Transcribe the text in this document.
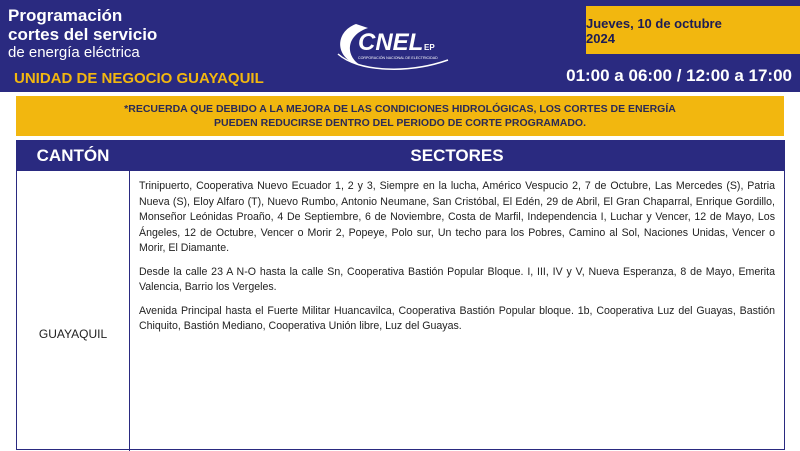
Programación
cortes del servicio
de energía eléctrica
UNIDAD DE NEGOCIO GUAYAQUIL
CNEL EP
CORPORACIÓN NACIONAL DE ELECTRICIDAD
Jueves, 10 de octubre 2024
01:00 a 06:00 / 12:00 a 17:00
*RECUERDA QUE DEBIDO A LA MEJORA DE LAS CONDICIONES HIDROLÓGICAS, LOS CORTES DE ENERGÍA
PUEDEN REDUCIRSE DENTRO DEL PERIODO DE CORTE PROGRAMADO.
CANTÓN	SECTORES
GUAYAQUIL

Trinipuerto, Cooperativa Nuevo Ecuador 1, 2 y 3, Siempre en la lucha, Américo Vespucio 2, 7 de Octubre, Las Mercedes (S), Patria Nueva (S), Eloy Alfaro (T), Nuevo Rumbo, Antonio Neumane, San Cristóbal, El Edén, 29 de Abril, El Gran Chaparral, Enrique Gordillo, Monseñor Leónidas Proaño, 4 De Septiembre, 6 de Noviembre, Costa de Marfil, Independencia I, Luchar y Vencer, 12 de Mayo, Los Ángeles, 12 de Octubre, Vencer o Morir 2, Popeye, Polo sur, Un techo para los Pobres, Camino al Sol, Naciones Unidas, Vencer o Morir, El Diamante.

Desde la calle 23 A N-O hasta la calle Sn, Cooperativa Bastión Popular Bloque. I, III, IV y V, Nueva Esperanza, 8 de Mayo, Emerita Valencia, Barrio los Vergeles.

Avenida Principal hasta el Fuerte Militar Huancavilca, Cooperativa Bastión Popular bloque. 1b, Cooperativa Luz del Guayas, Bastión Chiquito, Bastión Mediano, Cooperativa Unión libre, Luz del Guayas.
